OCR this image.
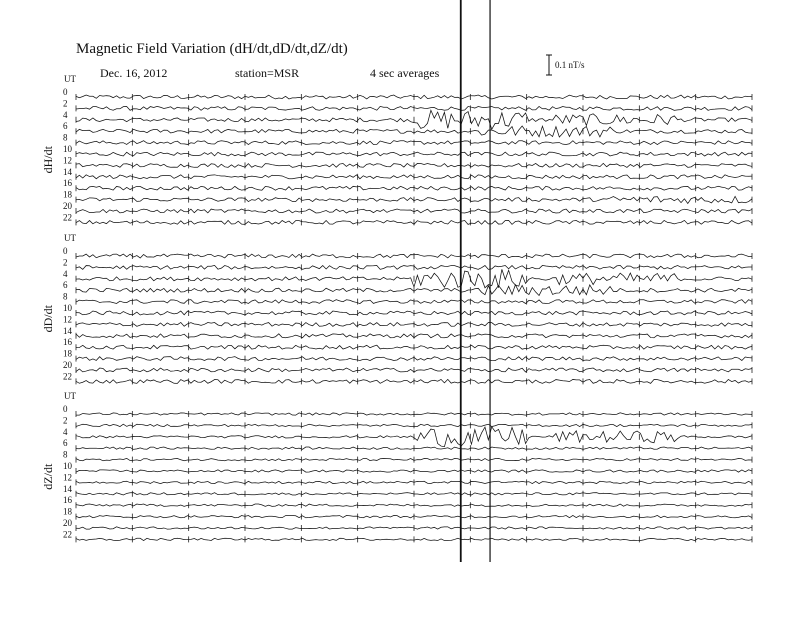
Magnetic Field Variation (dH/dt,dD/dt,dZ/dt)
Dec. 16, 2012	station=MSR	4 sec averages
0.1 nT/s
UT
dH/dt
0
2
4
6
8
10
12
14
16
18
20
22
UT
dD/dt
0
2
4
6
8
10
12
14
16
18
20
22
UT
dZ/dt
0
2
4
6
8
10
12
14
16
18
20
22
